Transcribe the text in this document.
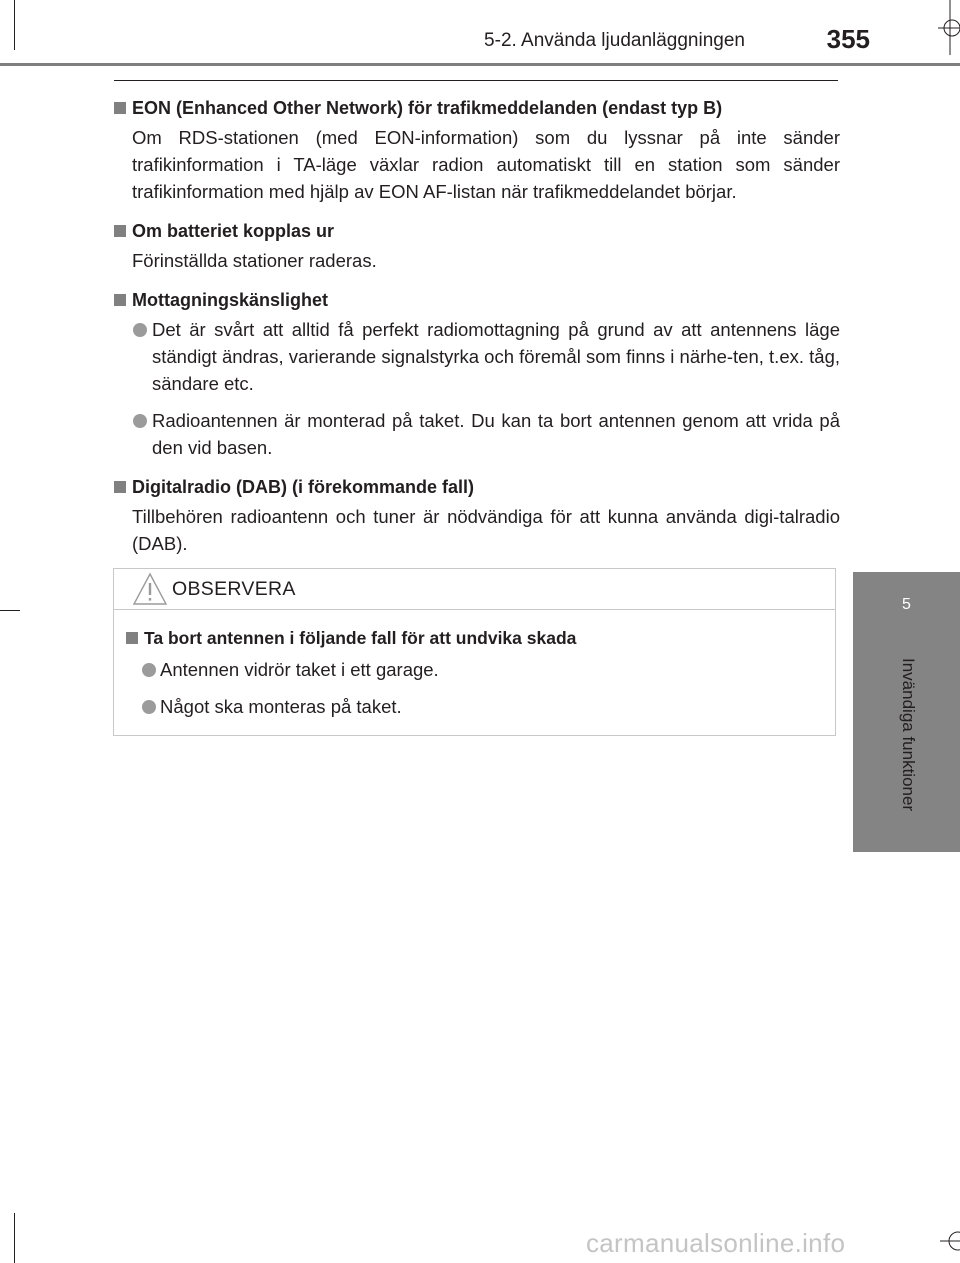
5-2. Använda ljudanläggningen	355
5
Invändiga funktioner
EON (Enhanced Other Network) för trafikmeddelanden (endast typ B)
Om RDS-stationen (med EON-information) som du lyssnar på inte sänder trafikinformation i TA-läge växlar radion automatiskt till en station som sänder trafikinformation med hjälp av EON AF-listan när trafikmeddelandet börjar.
Om batteriet kopplas ur
Förinställda stationer raderas.
Mottagningskänslighet
Det är svårt att alltid få perfekt radiomottagning på grund av att antennens läge ständigt ändras, varierande signalstyrka och föremål som finns i närhe-ten, t.ex. tåg, sändare etc.
Radioantennen är monterad på taket. Du kan ta bort antennen genom att vrida på den vid basen.
Digitalradio (DAB) (i förekommande fall)
Tillbehören radioantenn och tuner är nödvändiga för att kunna använda digi-talradio (DAB).
OBSERVERA
Ta bort antennen i följande fall för att undvika skada
Antennen vidrör taket i ett garage.
Något ska monteras på taket.
carmanualsonline.info
